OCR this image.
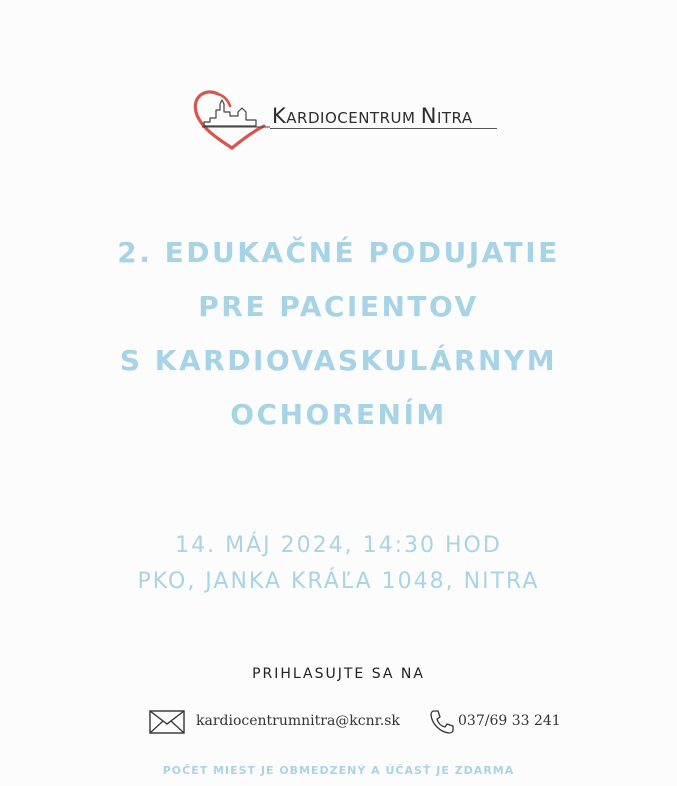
KARDIOCENTRUM NITRA
2. EDUKAČNÉ PODUJATIE
PRE PACIENTOV
S KARDIOVASKULÁRNYM
OCHORENÍM
14. MÁJ 2024, 14:30 HOD
PKO, JANKA KRÁĽA 1048, NITRA
PRIHLASUJTE SA NA
kardiocentrumnitra@kcnr.sk	037/69 33 241
POČET MIEST JE OBMEDZENÝ A ÚČASŤ JE ZDARMA
